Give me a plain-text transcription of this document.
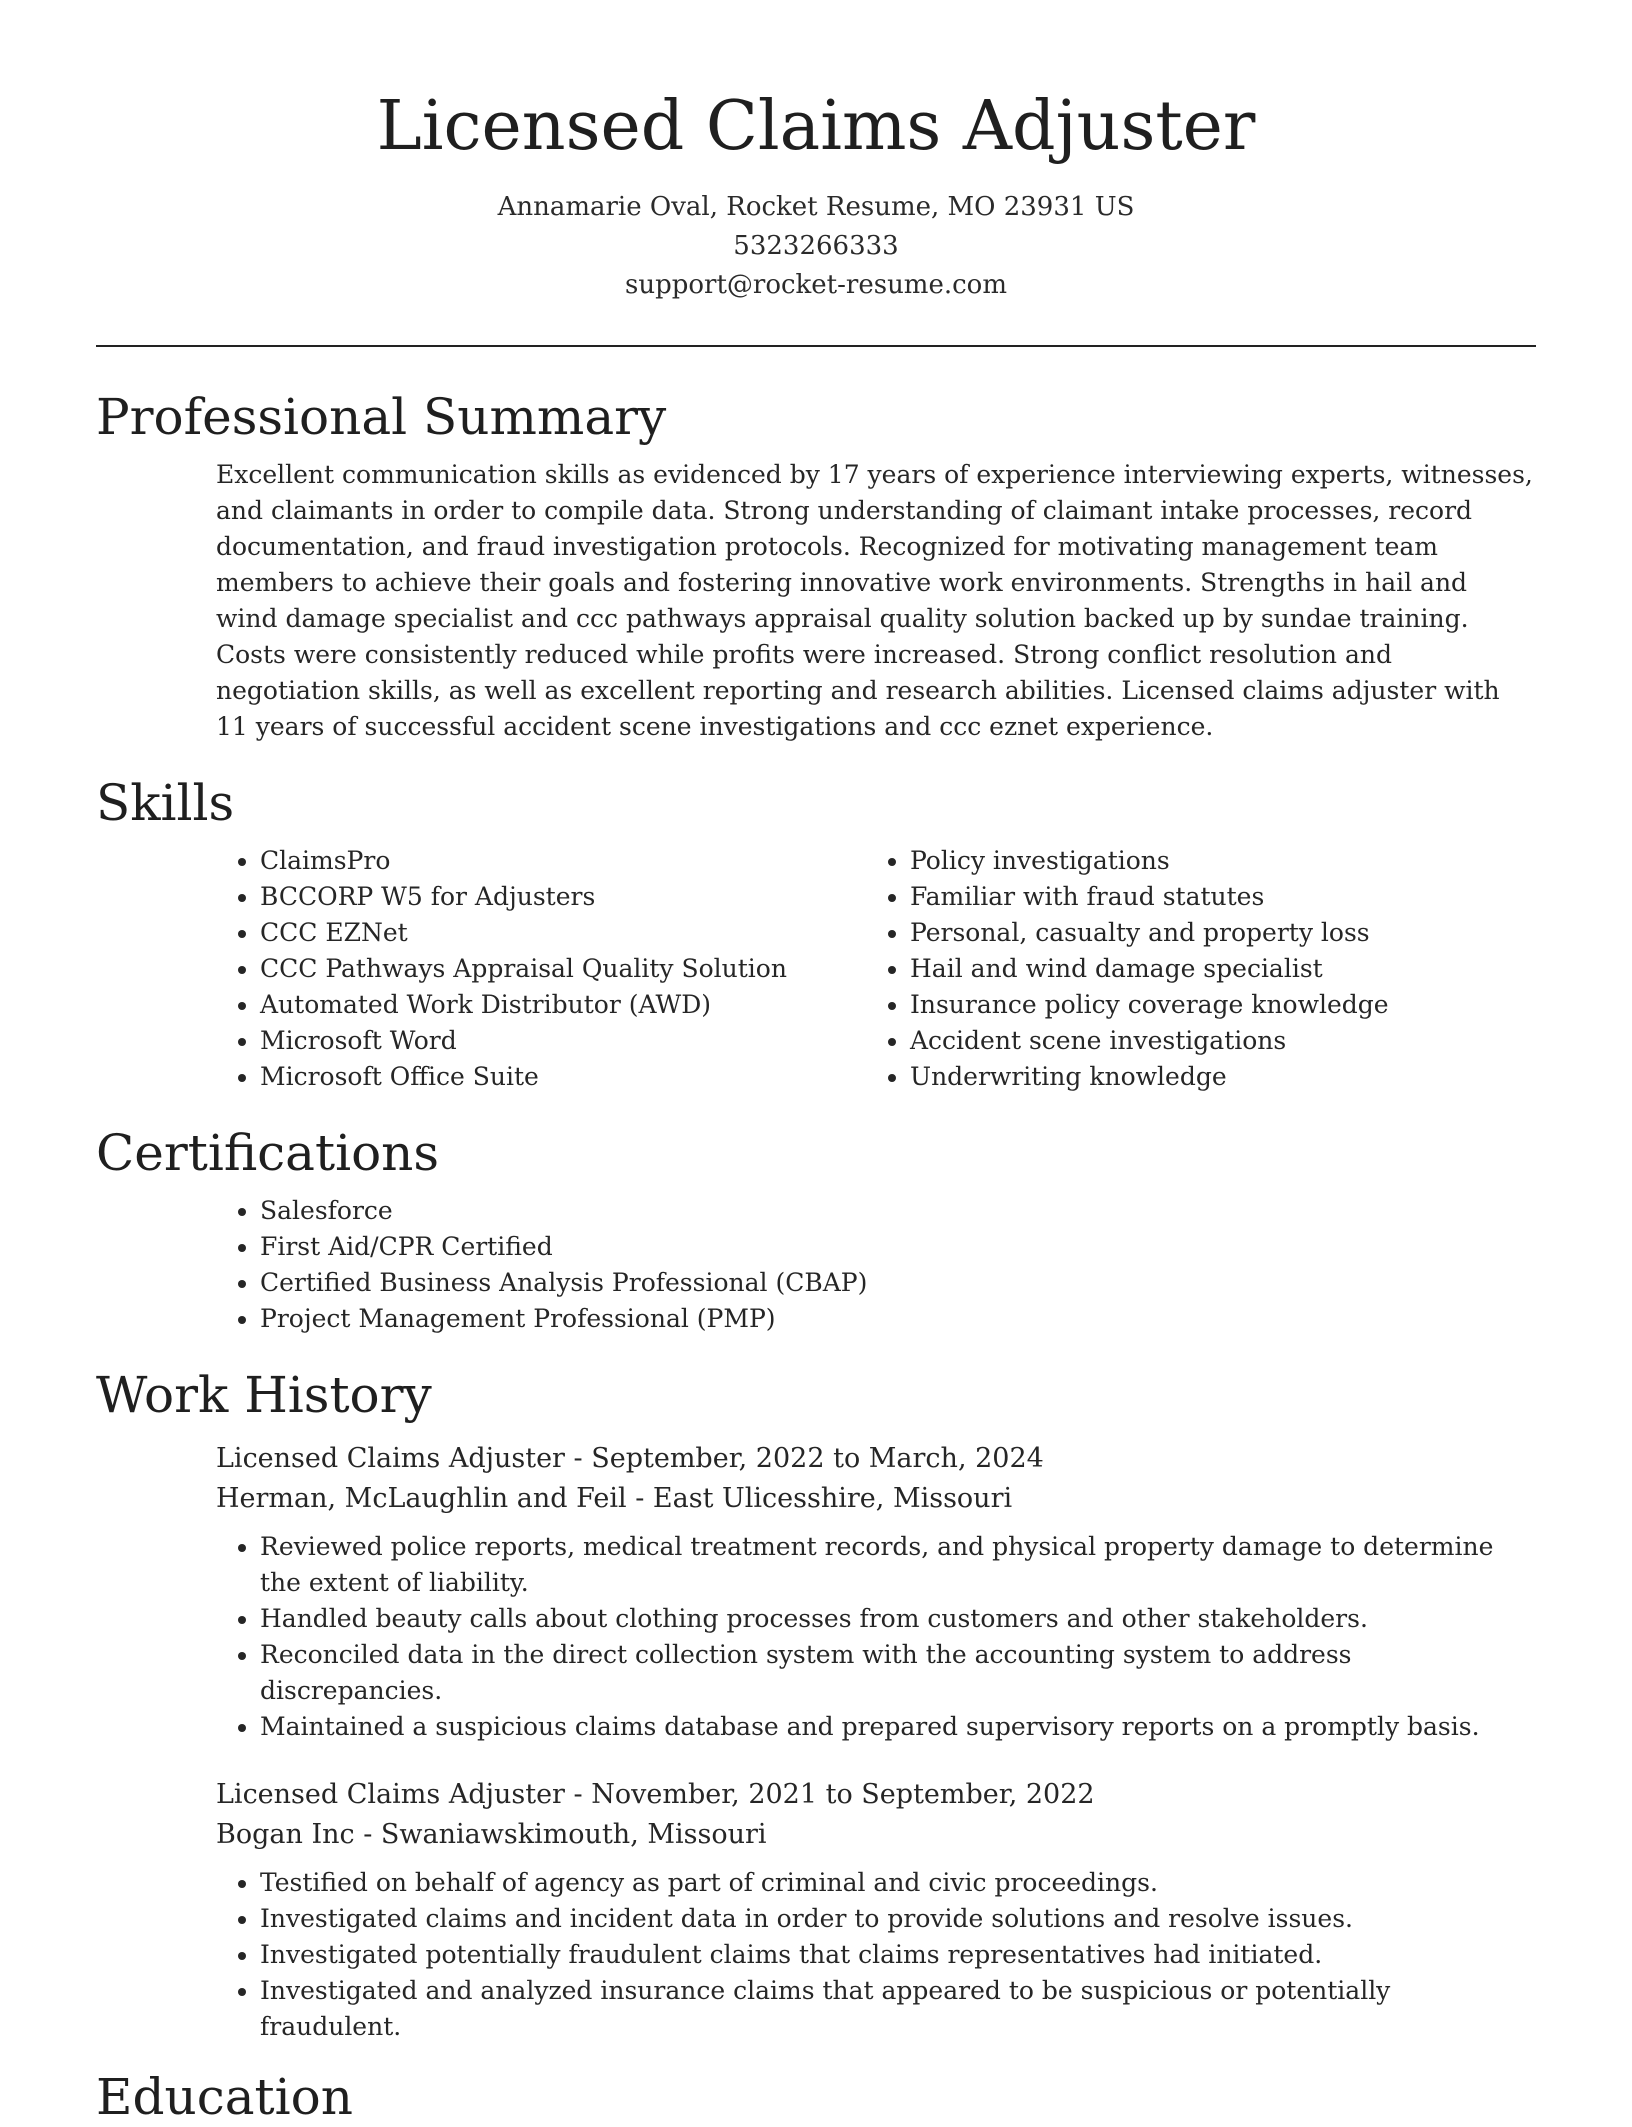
Licensed Claims Adjuster
Annamarie Oval, Rocket Resume, MO 23931 US
5323266333
support@rocket-resume.com
Professional Summary
Excellent communication skills as evidenced by 17 years of experience interviewing experts, witnesses, and claimants in order to compile data. Strong understanding of claimant intake processes, record documentation, and fraud investigation protocols. Recognized for motivating management team members to achieve their goals and fostering innovative work environments. Strengths in hail and wind damage specialist and ccc pathways appraisal quality solution backed up by sundae training. Costs were consistently reduced while profits were increased. Strong conflict resolution and negotiation skills, as well as excellent reporting and research abilities. Licensed claims adjuster with 11 years of successful accident scene investigations and ccc eznet experience.
Skills
• ClaimsPro
• BCCORP W5 for Adjusters
• CCC EZNet
• CCC Pathways Appraisal Quality Solution
• Automated Work Distributor (AWD)
• Microsoft Word
• Microsoft Office Suite
• Policy investigations
• Familiar with fraud statutes
• Personal, casualty and property loss
• Hail and wind damage specialist
• Insurance policy coverage knowledge
• Accident scene investigations
• Underwriting knowledge
Certifications
• Salesforce
• First Aid/CPR Certified
• Certified Business Analysis Professional (CBAP)
• Project Management Professional (PMP)
Work History
Licensed Claims Adjuster - September, 2022 to March, 2024
Herman, McLaughlin and Feil - East Ulicesshire, Missouri
• Reviewed police reports, medical treatment records, and physical property damage to determine the extent of liability.
• Handled beauty calls about clothing processes from customers and other stakeholders.
• Reconciled data in the direct collection system with the accounting system to address discrepancies.
• Maintained a suspicious claims database and prepared supervisory reports on a promptly basis.
Licensed Claims Adjuster - November, 2021 to September, 2022
Bogan Inc - Swaniawskimouth, Missouri
• Testified on behalf of agency as part of criminal and civic proceedings.
• Investigated claims and incident data in order to provide solutions and resolve issues.
• Investigated potentially fraudulent claims that claims representatives had initiated.
• Investigated and analyzed insurance claims that appeared to be suspicious or potentially fraudulent.
Education
